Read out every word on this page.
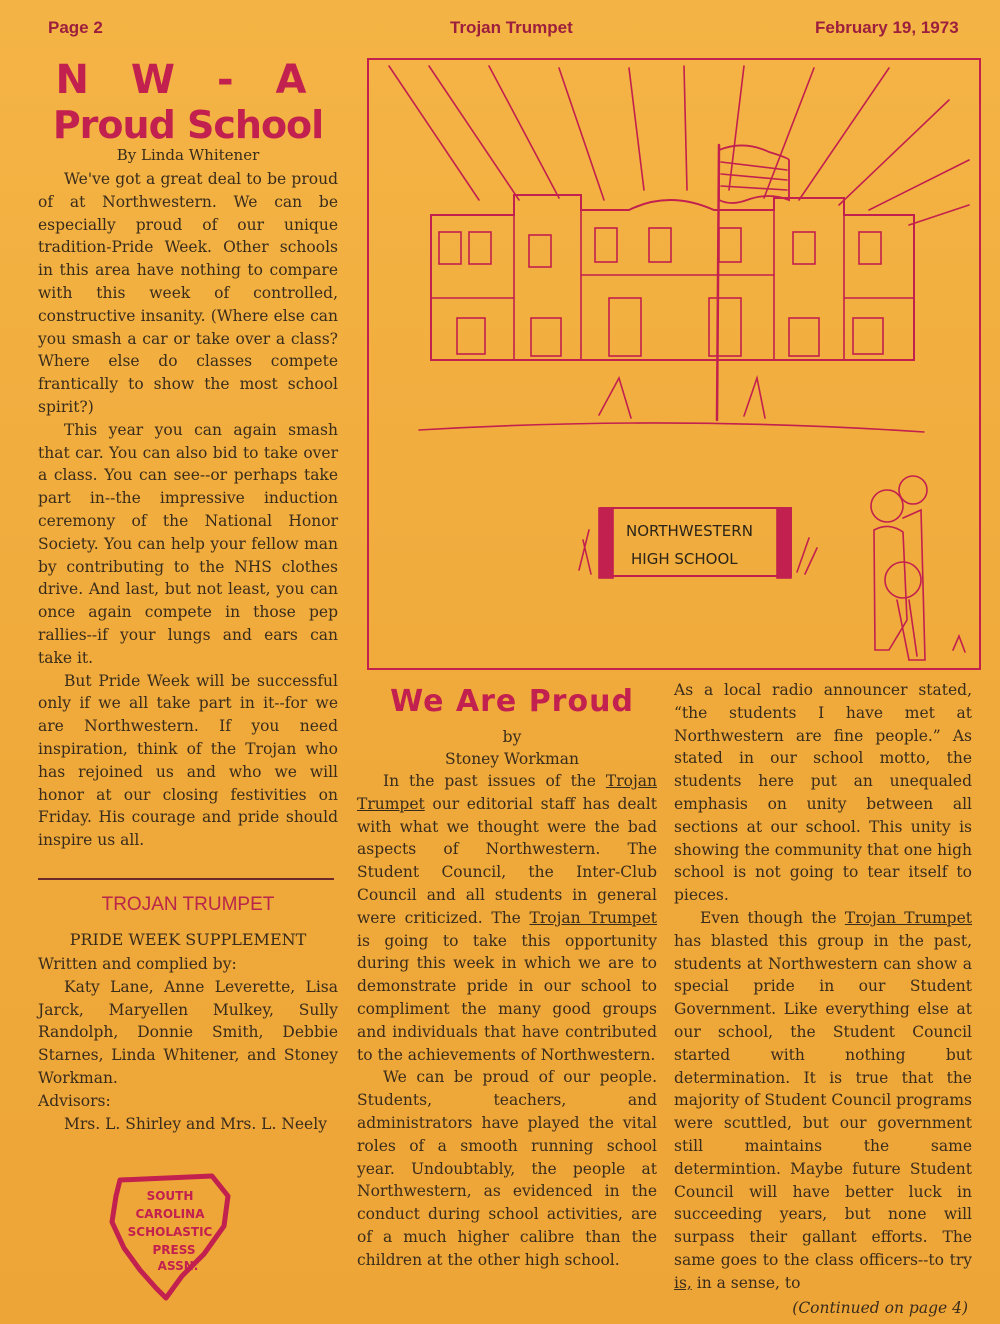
Page 2	Trojan Trumpet	February 19, 1973
N W - A
Proud School

By Linda Whitener

We've got a great deal to be proud of at Northwestern. We can be especially proud of our unique tradition-Pride Week. Other schools in this area have nothing to compare with this week of controlled, constructive insanity. (Where else can you smash a car or take over a class? Where else do classes compete frantically to show the most school spirit?)

This year you can again smash that car. You can also bid to take over a class. You can see--or perhaps take part in--the impressive induction ceremony of the National Honor Society. You can help your fellow man by contributing to the NHS clothes drive. And last, but not least, you can once again compete in those pep rallies--if your lungs and ears can take it.

But Pride Week will be successful only if we all take part in it--for we are Northwestern. If you need inspiration, think of the Trojan who has rejoined us and who we will honor at our closing festivities on Friday. His courage and pride should inspire us all.

TROJAN TRUMPET
PRIDE WEEK SUPPLEMENT

Written and complied by:

Katy Lane, Anne Leverette, Lisa Jarck, Maryellen Mulkey, Sully Randolph, Donnie Smith, Debbie Starnes, Linda Whitener, and Stoney Workman.

Advisors:

Mrs. L. Shirley and Mrs. L. Neely

SOUTH
CAROLINA
SCHOLASTIC
PRESS
ASSN.
NORTHWESTERN
HIGH SCHOOL
We Are Proud
by
Stoney Workman

In the past issues of the Trojan Trumpet our editorial staff has dealt with what we thought were the bad aspects of Northwestern. The Student Council, the Inter-Club Council and all students in general were criticized. The Trojan Trumpet is going to take this opportunity during this week in which we are to demonstrate pride in our school to compliment the many good groups and individuals that have contributed to the achievements of Northwestern.

We can be proud of our people. Students, teachers, and administrators have played the vital roles of a smooth running school year. Undoubtably, the people at Northwestern, as evidenced in the conduct during school activities, are of a much higher calibre than the children at the other high school.

As a local radio announcer stated, “the students I have met at Northwestern are fine people.” As stated in our school motto, the students here put an unequaled emphasis on unity between all sections at our school. This unity is showing the community that one high school is not going to tear itself to pieces.

Even though the Trojan Trumpet has blasted this group in the past, students at Northwestern can show a special pride in our Student Government. Like everything else at our school, the Student Council started with nothing but determination. It is true that the majority of Student Council programs were scuttled, but our government still maintains the same determintion. Maybe future Student Council will have better luck in succeeding years, but none will surpass their gallant efforts. The same goes to the class officers--to try is, in a sense, to

(Continued on page 4)
